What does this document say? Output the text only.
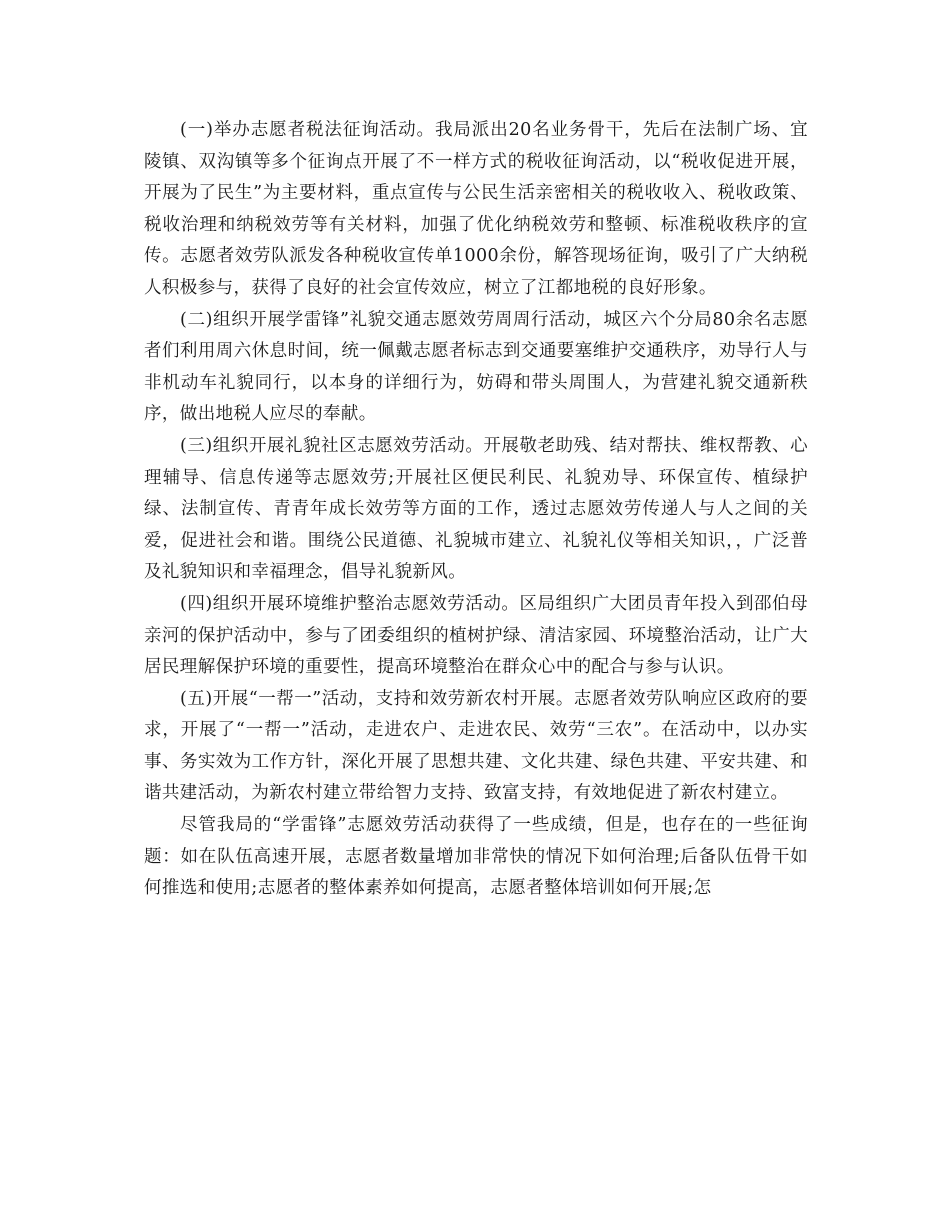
(一)举办志愿者税法征询活动。我局派出20名业务骨干，先后在法制广场、宜陵镇、双沟镇等多个征询点开展了不一样方式的税收征询活动，以“税收促进开展，开展为了民生”为主要材料，重点宣传与公民生活亲密相关的税收收入、税收政策、税收治理和纳税效劳等有关材料，加强了优化纳税效劳和整顿、标准税收秩序的宣传。志愿者效劳队派发各种税收宣传单1000余份，解答现场征询，吸引了广大纳税人积极参与，获得了良好的社会宣传效应，树立了江都地税的良好形象。

(二)组织开展学雷锋”礼貌交通志愿效劳周周行活动，城区六个分局80余名志愿者们利用周六休息时间，统一佩戴志愿者标志到交通要塞维护交通秩序，劝导行人与非机动车礼貌同行，以本身的详细行为，妨碍和带头周围人，为营建礼貌交通新秩序，做出地税人应尽的奉献。

(三)组织开展礼貌社区志愿效劳活动。开展敬老助残、结对帮扶、维权帮教、心理辅导、信息传递等志愿效劳;开展社区便民利民、礼貌劝导、环保宣传、植绿护绿、法制宣传、青青年成长效劳等方面的工作，透过志愿效劳传递人与人之间的关爱，促进社会和谐。围绕公民道德、礼貌城市建立、礼貌礼仪等相关知识，，广泛普及礼貌知识和幸福理念，倡导礼貌新风。

(四)组织开展环境维护整治志愿效劳活动。区局组织广大团员青年投入到邵伯母亲河的保护活动中，参与了团委组织的植树护绿、清洁家园、环境整治活动，让广大居民理解保护环境的重要性，提高环境整治在群众心中的配合与参与认识。

(五)开展“一帮一”活动，支持和效劳新农村开展。志愿者效劳队响应区政府的要求，开展了“一帮一”活动，走进农户、走进农民、效劳“三农”。在活动中，以办实事、务实效为工作方针，深化开展了思想共建、文化共建、绿色共建、平安共建、和谐共建活动，为新农村建立带给智力支持、致富支持，有效地促进了新农村建立。

尽管我局的“学雷锋”志愿效劳活动获得了一些成绩，但是，也存在的一些征询题：如在队伍高速开展，志愿者数量增加非常快的情况下如何治理;后备队伍骨干如何推选和使用;志愿者的整体素养如何提高，志愿者整体培训如何开展;怎
